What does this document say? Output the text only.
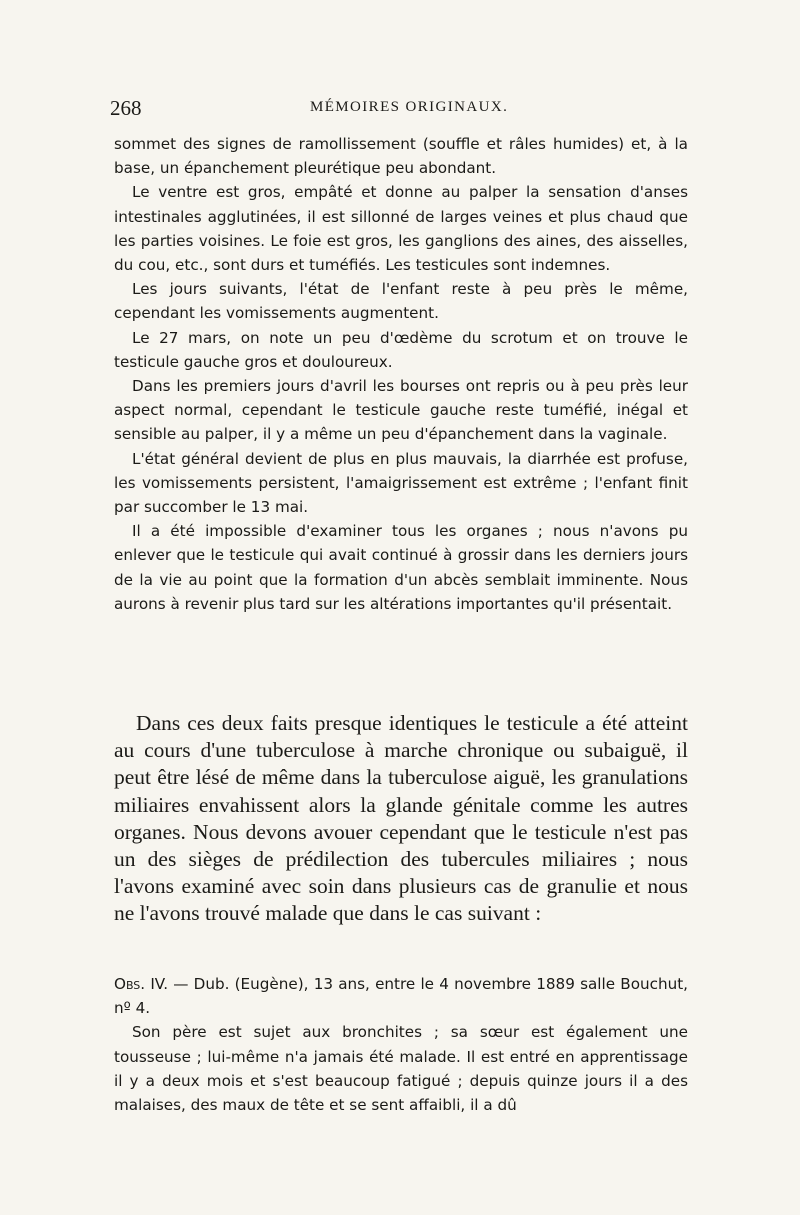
268	MÉMOIRES ORIGINAUX.

sommet des signes de ramollissement (souffle et râles humides) et, à la base, un épanchement pleurétique peu abondant.

Le ventre est gros, empâté et donne au palper la sensation d'anses intestinales agglutinées, il est sillonné de larges veines et plus chaud que les parties voisines. Le foie est gros, les ganglions des aines, des aisselles, du cou, etc., sont durs et tuméfiés. Les testicules sont indemnes.

Les jours suivants, l'état de l'enfant reste à peu près le même, cependant les vomissements augmentent.

Le 27 mars, on note un peu d'œdème du scrotum et on trouve le testicule gauche gros et douloureux.

Dans les premiers jours d'avril les bourses ont repris ou à peu près leur aspect normal, cependant le testicule gauche reste tuméfié, inégal et sensible au palper, il y a même un peu d'épanchement dans la vaginale.

L'état général devient de plus en plus mauvais, la diarrhée est profuse, les vomissements persistent, l'amaigrissement est extrême ; l'enfant finit par succomber le 13 mai.

Il a été impossible d'examiner tous les organes ; nous n'avons pu enlever que le testicule qui avait continué à grossir dans les derniers jours de la vie au point que la formation d'un abcès semblait imminente. Nous aurons à revenir plus tard sur les altérations importantes qu'il présentait.

Dans ces deux faits presque identiques le testicule a été atteint au cours d'une tuberculose à marche chronique ou subaiguë, il peut être lésé de même dans la tuberculose aiguë, les granulations miliaires envahissent alors la glande génitale comme les autres organes. Nous devons avouer cependant que le testicule n'est pas un des sièges de prédilection des tubercules miliaires ; nous l'avons examiné avec soin dans plusieurs cas de granulie et nous ne l'avons trouvé malade que dans le cas suivant :

Obs. IV. — Dub. (Eugène), 13 ans, entre le 4 novembre 1889 salle Bouchut, nº 4.

Son père est sujet aux bronchites ; sa sœur est également une tousseuse ; lui-même n'a jamais été malade. Il est entré en apprentissage il y a deux mois et s'est beaucoup fatigué ; depuis quinze jours il a des malaises, des maux de tête et se sent affaibli, il a dû
